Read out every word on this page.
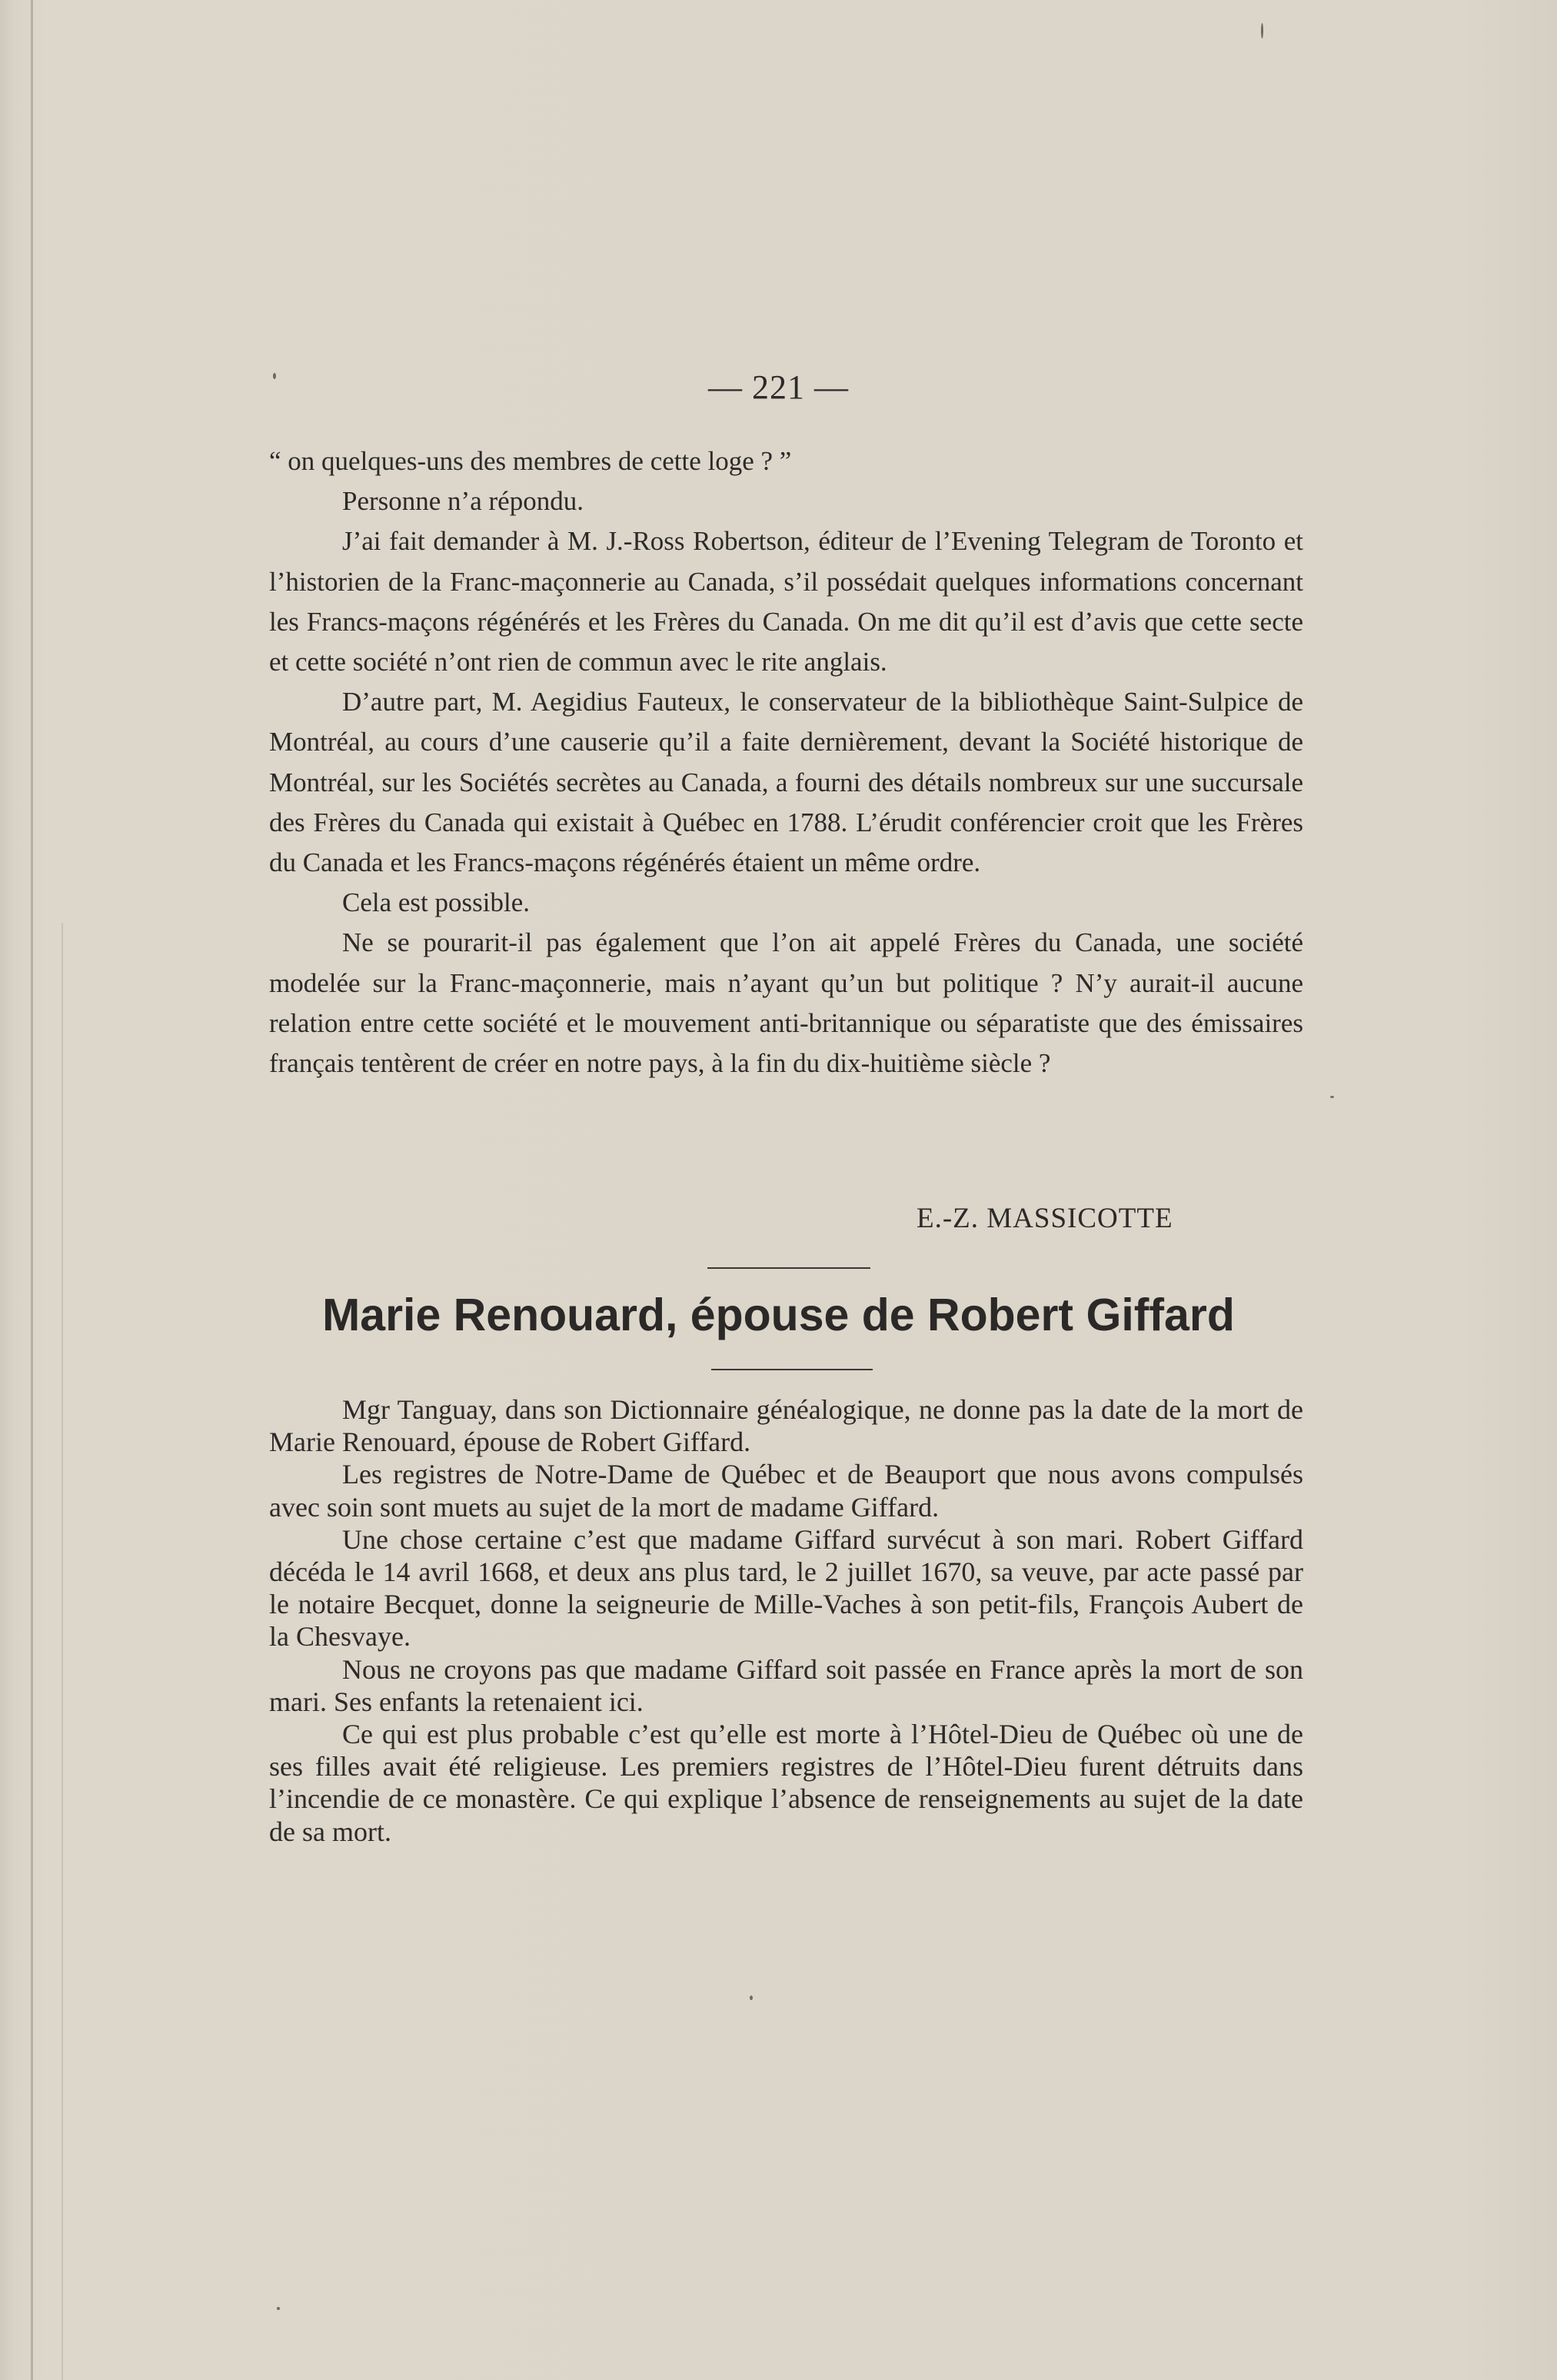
— 221 —

“ on quelques-uns des membres de cette loge ? ”

Personne n’a répondu.

J’ai fait demander à M. J.-Ross Robertson, éditeur de l’Evening Telegram de Toronto et l’historien de la Franc-maçonnerie au Canada, s’il possédait quelques informations concernant les Francs-maçons régénérés et les Frères du Canada. On me dit qu’il est d’avis que cette secte et cette société n’ont rien de commun avec le rite anglais.

D’autre part, M. Aegidius Fauteux, le conservateur de la bibliothèque Saint-Sulpice de Montréal, au cours d’une causerie qu’il a faite dernièrement, devant la Société historique de Montréal, sur les Sociétés secrètes au Canada, a fourni des détails nombreux sur une succursale des Frères du Canada qui existait à Québec en 1788. L’érudit conférencier croit que les Frères du Canada et les Francs-maçons régénérés étaient un même ordre.

Cela est possible.

Ne se pourarit-il pas également que l’on ait appelé Frères du Canada, une société modelée sur la Franc-maçonnerie, mais n’ayant qu’un but politique ? N’y aurait-il aucune relation entre cette société et le mouvement anti-britannique ou séparatiste que des émissaires français tentèrent de créer en notre pays, à la fin du dix-huitième siècle ?

E.-Z. MASSICOTTE
Marie Renouard, épouse de Robert Giffard

Mgr Tanguay, dans son Dictionnaire généalogique, ne donne pas la date de la mort de Marie Renouard, épouse de Robert Giffard.

Les registres de Notre-Dame de Québec et de Beauport que nous avons compulsés avec soin sont muets au sujet de la mort de madame Giffard.

Une chose certaine c’est que madame Giffard survécut à son mari. Robert Giffard décéda le 14 avril 1668, et deux ans plus tard, le 2 juillet 1670, sa veuve, par acte passé par le notaire Becquet, donne la seigneurie de Mille-Vaches à son petit-fils, François Aubert de la Chesvaye.

Nous ne croyons pas que madame Giffard soit passée en France après la mort de son mari. Ses enfants la retenaient ici.

Ce qui est plus probable c’est qu’elle est morte à l’Hôtel-Dieu de Québec où une de ses filles avait été religieuse. Les premiers registres de l’Hôtel-Dieu furent détruits dans l’incendie de ce monastère. Ce qui explique l’absence de renseignements au sujet de la date de sa mort.
